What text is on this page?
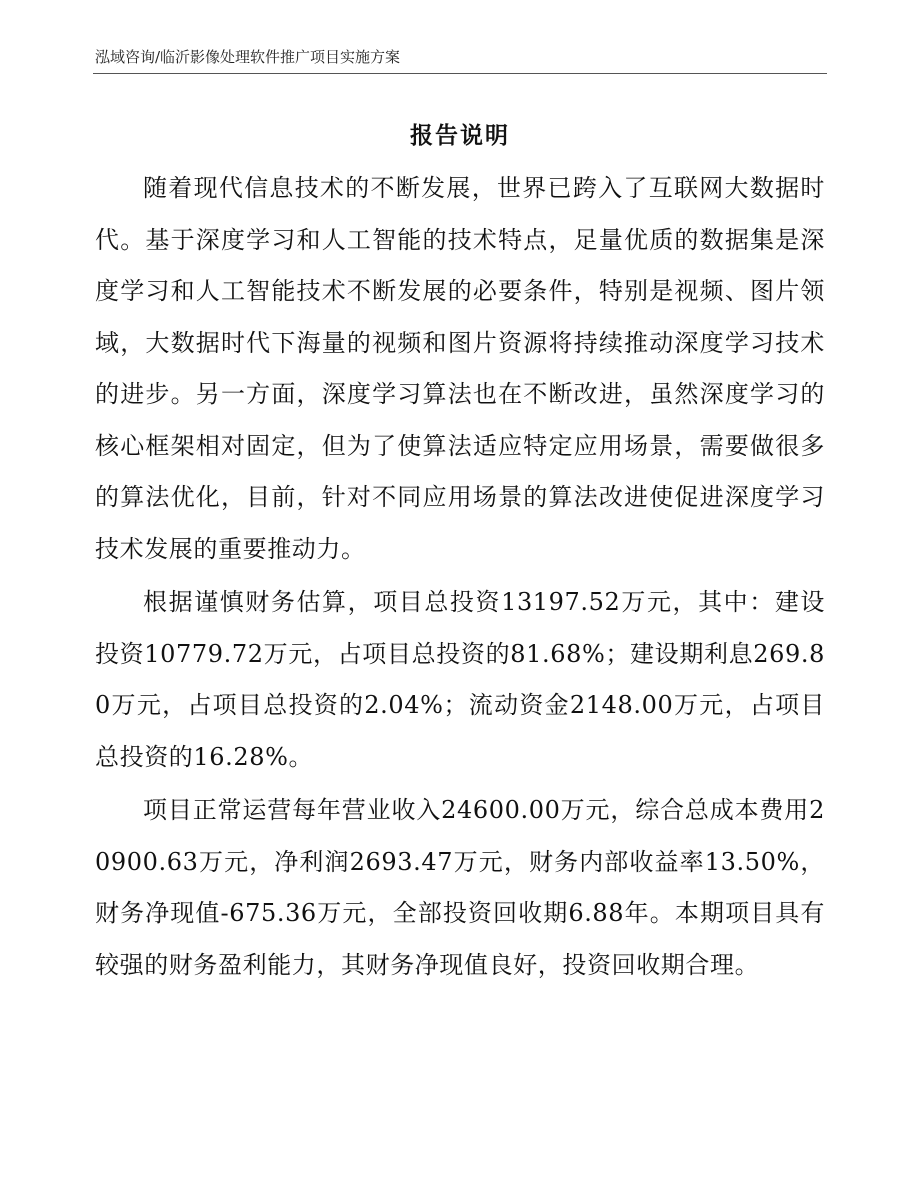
泓域咨询/临沂影像处理软件推广项目实施方案
报告说明

随着现代信息技术的不断发展，世界已跨入了互联网大数据时代。基于深度学习和人工智能的技术特点，足量优质的数据集是深度学习和人工智能技术不断发展的必要条件，特别是视频、图片领域，大数据时代下海量的视频和图片资源将持续推动深度学习技术的进步。另一方面，深度学习算法也在不断改进，虽然深度学习的核心框架相对固定，但为了使算法适应特定应用场景，需要做很多的算法优化，目前，针对不同应用场景的算法改进使促进深度学习技术发展的重要推动力。

根据谨慎财务估算，项目总投资13197.52万元，其中：建设投资10779.72万元，占项目总投资的81.68%；建设期利息269.80万元，占项目总投资的2.04%；流动资金2148.00万元，占项目总投资的16.28%。

项目正常运营每年营业收入24600.00万元，综合总成本费用20900.63万元，净利润2693.47万元，财务内部收益率13.50%，财务净现值-675.36万元，全部投资回收期6.88年。本期项目具有较强的财务盈利能力，其财务净现值良好，投资回收期合理。
